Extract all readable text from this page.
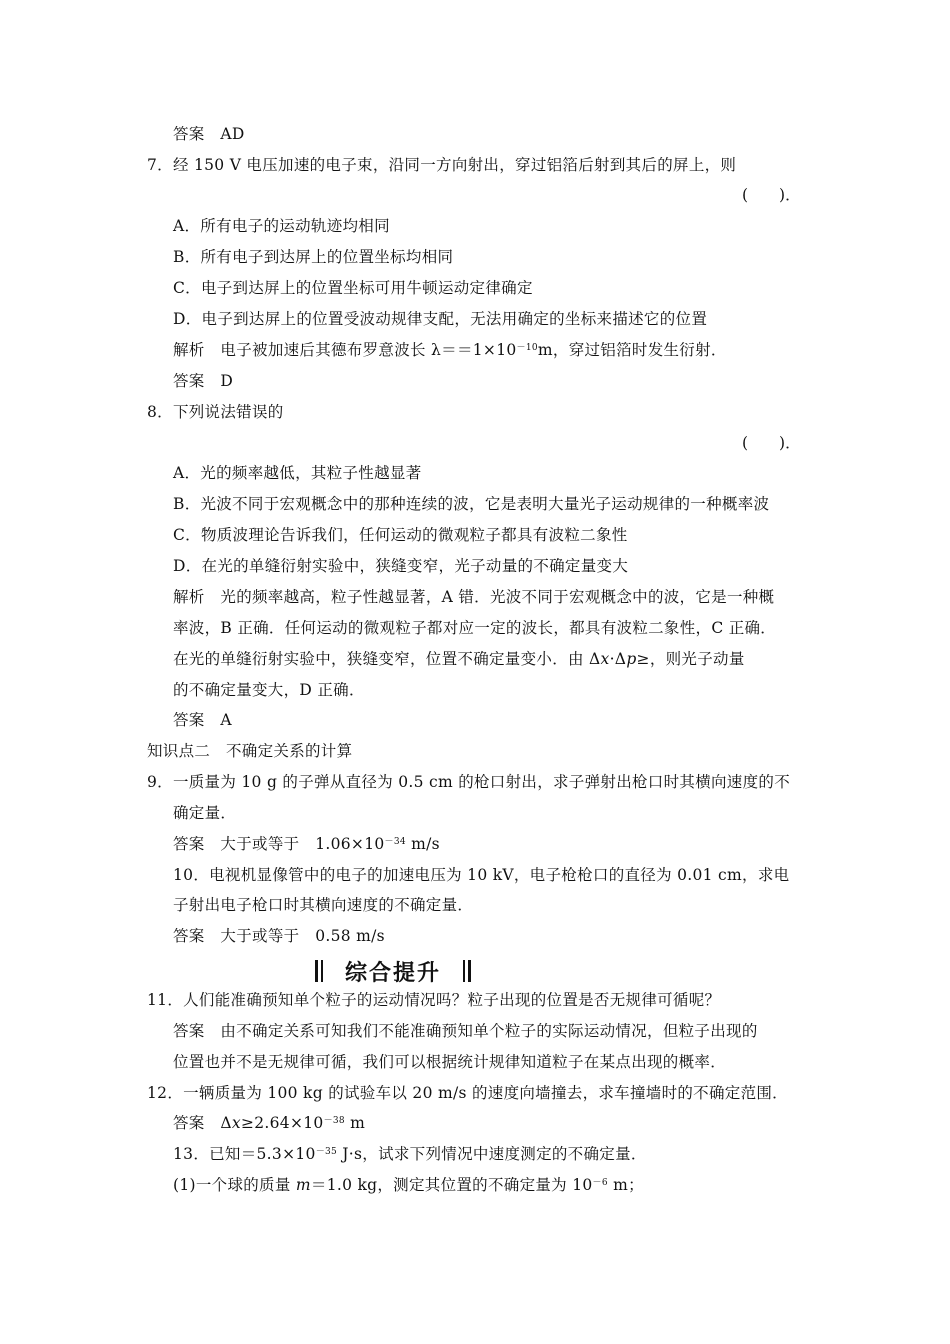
答案　 AD
7．经 150 V 电压加速的电子束，沿同一方向射出，穿过铝箔后射到其后的屏上，则
(　　)．
A．所有电子的运动轨迹均相同
B．所有电子到达屏上的位置坐标均相同
C．电子到达屏上的位置坐标可用牛顿运动定律确定
D．电子到达屏上的位置受波动规律支配，无法用确定的坐标来描述它的位置
解析　 电子被加速后其德布罗意波长 $\lambda==1\times 10^{-10}m$，穿过铝箔时发生衍射．
答案　 D
8．下列说法错误的
(　　)．
A．光的频率越低，其粒子性越显著
B．光波不同于宏观概念中的那种连续的波，它是表明大量光子运动规律的一种概率波
C．物质波理论告诉我们，任何运动的微观粒子都具有波粒二象性
D．在光的单缝衍射实验中，狭缝变窄，光子动量的不确定量变大
解析　 光的频率越高，粒子性越显著，A 错．光波不同于宏观概念中的波，它是一种概
率波，B 正确．任何运动的微观粒子都对应一定的波长，都具有波粒二象性，C 正确．
在光的单缝衍射实验中，狭缝变窄，位置不确定量变小．由 Δx·Δp≥，则光子动量
的不确定量变大，D 正确．
答案　 A
知识点二　不确定关系的计算
9．一质量为 10 g 的子弹从直径为 0.5 cm 的枪口射出，求子弹射出枪口时其横向速度的不
确定量．
答案　 大于或等于　$1.06\times 10^{-34}$ m/s
10．电视机显像管中的电子的加速电压为 10 kV，电子枪枪口的直径为 0.01 cm，求电
子射出电子枪口时其横向速度的不确定量．
答案　 大于或等于　0.58 m/s
综合提升
11．人们能准确预知单个粒子的运动情况吗？粒子出现的位置是否无规律可循呢？
答案　 由不确定关系可知我们不能准确预知单个粒子的实际运动情况，但粒子出现的
位置也并不是无规律可循，我们可以根据统计规律知道粒子在某点出现的概率．
12．一辆质量为 100 kg 的试验车以 20 m/s 的速度向墙撞去，求车撞墙时的不确定范围．
答案　 $\Delta x\ge 2.64\times 10^{-38}$ m
13．已知$=5.3\times 10^{-35}$ J·s，试求下列情况中速度测定的不确定量．
(1)一个球的质量 m＝1.0 kg，测定其位置的不确定量为 $10^{-6}$ m；
